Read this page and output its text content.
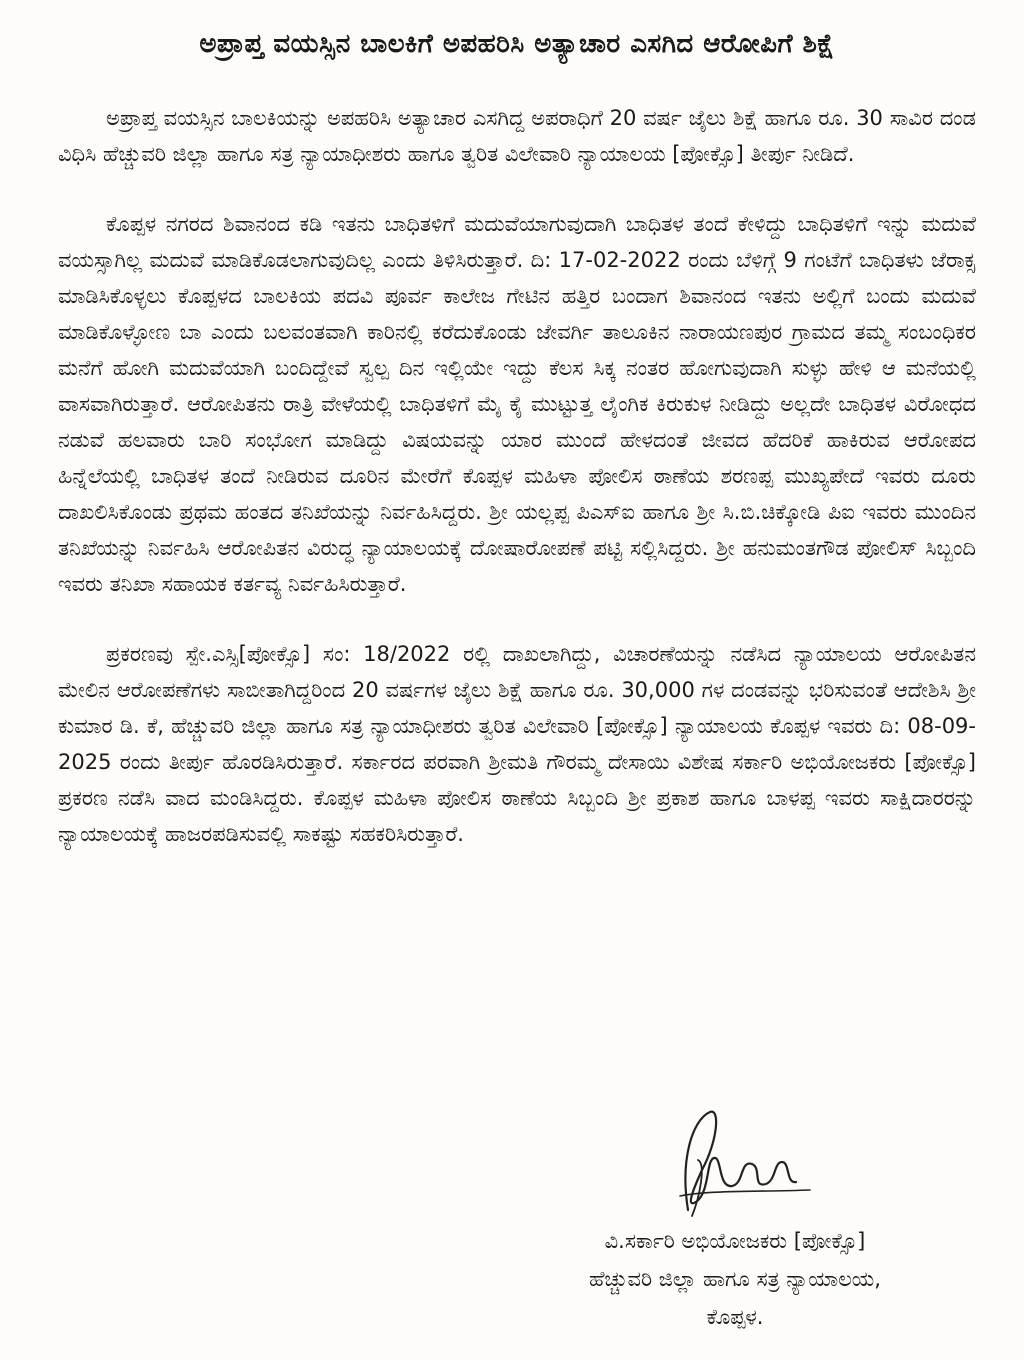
ಅಪ್ರಾಪ್ತ ವಯಸ್ಸಿನ ಬಾಲಕಿಗೆ ಅಪಹರಿಸಿ ಅತ್ಯಾಚಾರ ಎಸಗಿದ ಆರೋಪಿಗೆ ಶಿಕ್ಷೆ

ಅಪ್ರಾಪ್ತ ವಯಸ್ಸಿನ ಬಾಲಕಿಯನ್ನು ಅಪಹರಿಸಿ ಅತ್ಯಾಚಾರ ಎಸಗಿದ್ದ ಅಪರಾಧಿಗೆ 20 ವರ್ಷ ಜೈಲು ಶಿಕ್ಷೆ ಹಾಗೂ ರೂ. 30 ಸಾವಿರ ದಂಡ ವಿಧಿಸಿ ಹೆಚ್ಚುವರಿ ಜಿಲ್ಲಾ ಹಾಗೂ ಸತ್ರ ನ್ಯಾಯಾಧೀಶರು ಹಾಗೂ ತ್ವರಿತ ವಿಲೇವಾರಿ ನ್ಯಾಯಾಲಯ [ಪೋಕ್ಸೊ] ತೀರ್ಪು ನೀಡಿದೆ.

ಕೊಪ್ಪಳ ನಗರದ ಶಿವಾನಂದ ಕಡಿ ಇತನು ಬಾಧಿತಳಿಗೆ ಮದುವೆಯಾಗುವುದಾಗಿ ಬಾಧಿತಳ ತಂದೆ ಕೇಳಿದ್ದು ಬಾಧಿತಳಿಗೆ ಇನ್ನು ಮದುವೆ ವಯಸ್ಸಾಗಿಲ್ಲ ಮದುವೆ ಮಾಡಿಕೊಡಲಾಗುವುದಿಲ್ಲ ಎಂದು ತಿಳಿಸಿರುತ್ತಾರೆ. ದಿ: 17-02-2022 ರಂದು ಬೆಳಿಗ್ಗೆ 9 ಗಂಟೆಗೆ ಬಾಧಿತಳು ಜೆರಾಕ್ಸ ಮಾಡಿಸಿಕೊಳ್ಳಲು ಕೊಪ್ಪಳದ ಬಾಲಕಿಯ ಪದವಿ ಪೂರ್ವ ಕಾಲೇಜ ಗೇಟಿನ ಹತ್ತಿರ ಬಂದಾಗ ಶಿವಾನಂದ ಇತನು ಅಲ್ಲಿಗೆ ಬಂದು ಮದುವೆ ಮಾಡಿಕೊಳ್ಳೋಣ ಬಾ ಎಂದು ಬಲವಂತವಾಗಿ ಕಾರಿನಲ್ಲಿ ಕರೆದುಕೊಂಡು ಜೇವರ್ಗಿ ತಾಲೂಕಿನ ನಾರಾಯಣಪುರ ಗ್ರಾಮದ ತಮ್ಮ ಸಂಬಂಧಿಕರ ಮನೆಗೆ ಹೋಗಿ ಮದುವೆಯಾಗಿ ಬಂದಿದ್ದೇವೆ ಸ್ವಲ್ಪ ದಿನ ಇಲ್ಲಿಯೇ ಇದ್ದು ಕೆಲಸ ಸಿಕ್ಕ ನಂತರ ಹೋಗುವುದಾಗಿ ಸುಳ್ಳು ಹೇಳಿ ಆ ಮನೆಯಲ್ಲಿ ವಾಸವಾಗಿರುತ್ತಾರೆ. ಆರೋಪಿತನು ರಾತ್ರಿ ವೇಳೆಯಲ್ಲಿ ಬಾಧಿತಳಿಗೆ ಮೈ ಕೈ ಮುಟ್ಟುತ್ತ ಲೈಂಗಿಕ ಕಿರುಕುಳ ನೀಡಿದ್ದು ಅಲ್ಲದೇ ಬಾಧಿತಳ ವಿರೋಧದ ನಡುವೆ ಹಲವಾರು ಬಾರಿ ಸಂಭೋಗ ಮಾಡಿದ್ದು ವಿಷಯವನ್ನು ಯಾರ ಮುಂದೆ ಹೇಳದಂತೆ ಜೀವದ ಹೆದರಿಕೆ ಹಾಕಿರುವ ಆರೋಪದ ಹಿನ್ನೆಲೆಯಲ್ಲಿ ಬಾಧಿತಳ ತಂದೆ ನೀಡಿರುವ ದೂರಿನ ಮೇರೆಗೆ ಕೊಪ್ಪಳ ಮಹಿಳಾ ಪೋಲಿಸ ಠಾಣೆಯ ಶರಣಪ್ಪ ಮುಖ್ಯಪೇದೆ ಇವರು ದೂರು ದಾಖಲಿಸಿಕೊಂಡು ಪ್ರಥಮ ಹಂತದ ತನಿಖೆಯನ್ನು ನಿರ್ವಹಿಸಿದ್ದರು. ಶ್ರೀ ಯಲ್ಲಪ್ಪ ಪಿಎಸ್ಐ ಹಾಗೂ ಶ್ರೀ ಸಿ.ಬಿ.ಚಿಕ್ಕೋಡಿ ಪಿಐ ಇವರು ಮುಂದಿನ ತನಿಖೆಯನ್ನು ನಿರ್ವಹಿಸಿ ಆರೋಪಿತನ ವಿರುದ್ಧ ನ್ಯಾಯಾಲಯಕ್ಕೆ ದೋಷಾರೋಪಣೆ ಪಟ್ಟಿ ಸಲ್ಲಿಸಿದ್ದರು. ಶ್ರೀ ಹನುಮಂತಗೌಡ ಪೋಲಿಸ್ ಸಿಬ್ಬಂದಿ ಇವರು ತನಿಖಾ ಸಹಾಯಕ ಕರ್ತವ್ಯ ನಿರ್ವಹಿಸಿರುತ್ತಾರೆ.

ಪ್ರಕರಣವು ಸ್ಪೇ.ಎಸ್ಸಿ[ಪೋಕ್ಸೊ] ಸಂ: 18/2022 ರಲ್ಲಿ ದಾಖಲಾಗಿದ್ದು, ವಿಚಾರಣೆಯನ್ನು ನಡೆಸಿದ ನ್ಯಾಯಾಲಯ ಆರೋಪಿತನ ಮೇಲಿನ ಆರೋಪಣೆಗಳು ಸಾಬೀತಾಗಿದ್ದರಿಂದ 20 ವರ್ಷಗಳ ಜೈಲು ಶಿಕ್ಷೆ ಹಾಗೂ ರೂ. 30,000 ಗಳ ದಂಡವನ್ನು ಭರಿಸುವಂತೆ ಆದೇಶಿಸಿ ಶ್ರೀ ಕುಮಾರ ಡಿ. ಕೆ, ಹೆಚ್ಚುವರಿ ಜಿಲ್ಲಾ ಹಾಗೂ ಸತ್ರ ನ್ಯಾಯಾಧೀಶರು ತ್ವರಿತ ವಿಲೇವಾರಿ [ಪೋಕ್ಸೊ] ನ್ಯಾಯಾಲಯ ಕೊಪ್ಪಳ ಇವರು ದಿ: 08-09-2025 ರಂದು ತೀರ್ಪು ಹೊರಡಿಸಿರುತ್ತಾರೆ. ಸರ್ಕಾರದ ಪರವಾಗಿ ಶ್ರೀಮತಿ ಗೌರಮ್ಮ ದೇಸಾಯಿ ವಿಶೇಷ ಸರ್ಕಾರಿ ಅಭಿಯೋಜಕರು [ಪೋಕ್ಸೊ] ಪ್ರಕರಣ ನಡೆಸಿ ವಾದ ಮಂಡಿಸಿದ್ದರು. ಕೊಪ್ಪಳ ಮಹಿಳಾ ಪೋಲಿಸ ಠಾಣೆಯ ಸಿಬ್ಬಂದಿ ಶ್ರೀ ಪ್ರಕಾಶ ಹಾಗೂ ಬಾಳಪ್ಪ ಇವರು ಸಾಕ್ಷಿದಾರರನ್ನು ನ್ಯಾಯಾಲಯಕ್ಕೆ ಹಾಜರಪಡಿಸುವಲ್ಲಿ ಸಾಕಷ್ಟು ಸಹಕರಿಸಿರುತ್ತಾರೆ.

ವಿ.ಸರ್ಕಾರಿ ಅಭಿಯೋಜಕರು [ಪೋಕ್ಸೊ]
ಹೆಚ್ಚುವರಿ ಜಿಲ್ಲಾ ಹಾಗೂ ಸತ್ರ ನ್ಯಾಯಾಲಯ,
ಕೊಪ್ಪಳ.
